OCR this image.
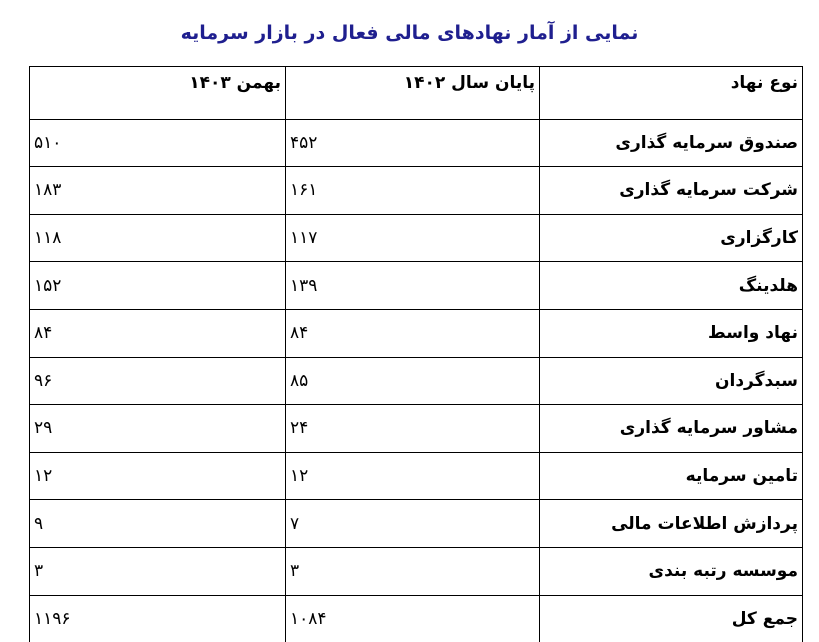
نمایی از آمار نهادهای مالی فعال در بازار سرمایه
نوع نهاد	پایان سال ۱۴۰۲	بهمن ۱۴۰۳
صندوق سرمایه گذاری	۴۵۲	۵۱۰
شرکت سرمایه گذاری	۱۶۱	۱۸۳
کارگزاری	۱۱۷	۱۱۸
هلدینگ	۱۳۹	۱۵۲
نهاد واسط	۸۴	۸۴
سبدگردان	۸۵	۹۶
مشاور سرمایه گذاری	۲۴	۲۹
تامین سرمایه	۱۲	۱۲
پردازش اطلاعات مالی	۷	۹
موسسه رتبه بندی	۳	۳
جمع کل	۱۰۸۴	۱۱۹۶
